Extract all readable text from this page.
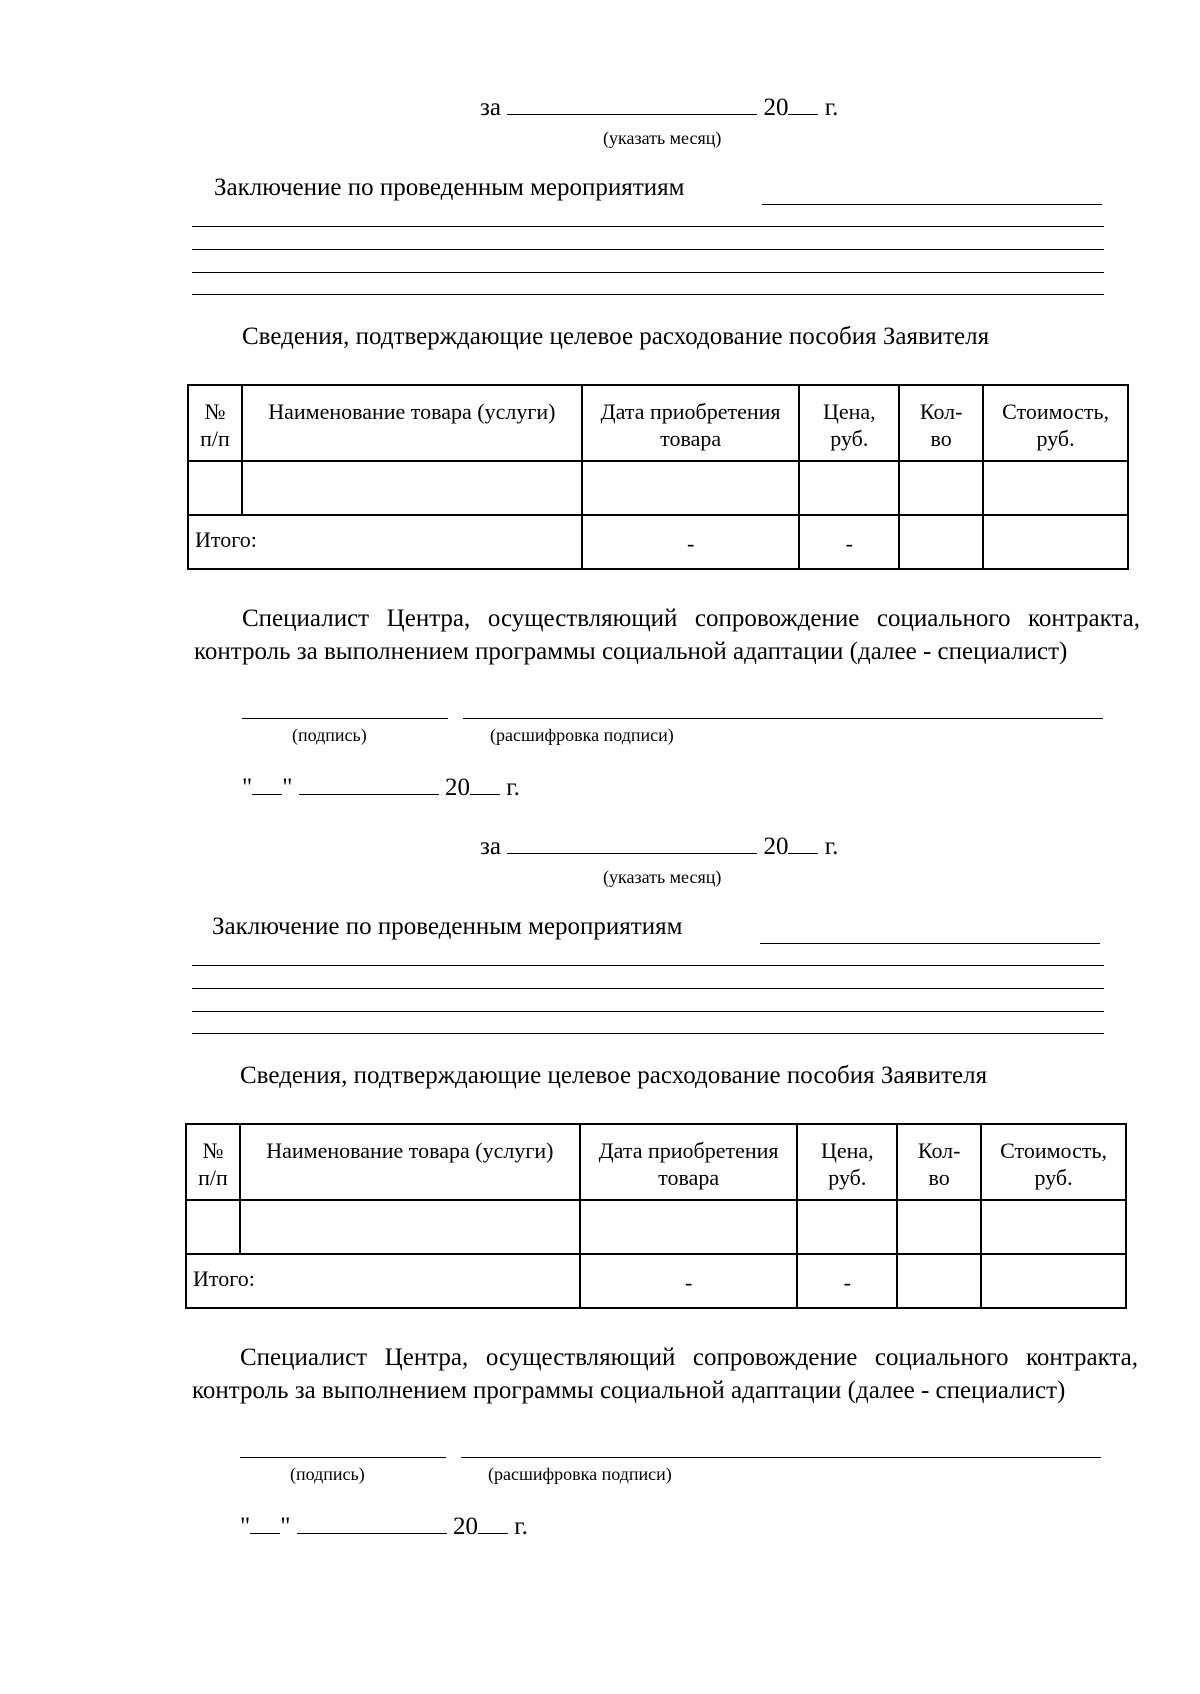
за	20 г.
(указать месяц)
Заключение по проведенным мероприятиям
Сведения, подтверждающие целевое расходование пособия Заявителя
№ п/п	Наименование товара (услуги)	Дата приобретения товара	Цена, руб.	Кол-во	Стоимость, руб.

Итого:		-	-		
Специалист Центра, осуществляющий сопровождение социального контракта, контроль за выполнением программы социальной адаптации (далее - специалист)
(подпись)	(расшифровка подписи)
" "	20 г.
за	20 г.
(указать месяц)
Заключение по проведенным мероприятиям
Сведения, подтверждающие целевое расходование пособия Заявителя
№ п/п	Наименование товара (услуги)	Дата приобретения товара	Цена, руб.	Кол-во	Стоимость, руб.

Итого:		-	-		
Специалист Центра, осуществляющий сопровождение социального контракта, контроль за выполнением программы социальной адаптации (далее - специалист)
(подпись)	(расшифровка подписи)
" "	20 г.
